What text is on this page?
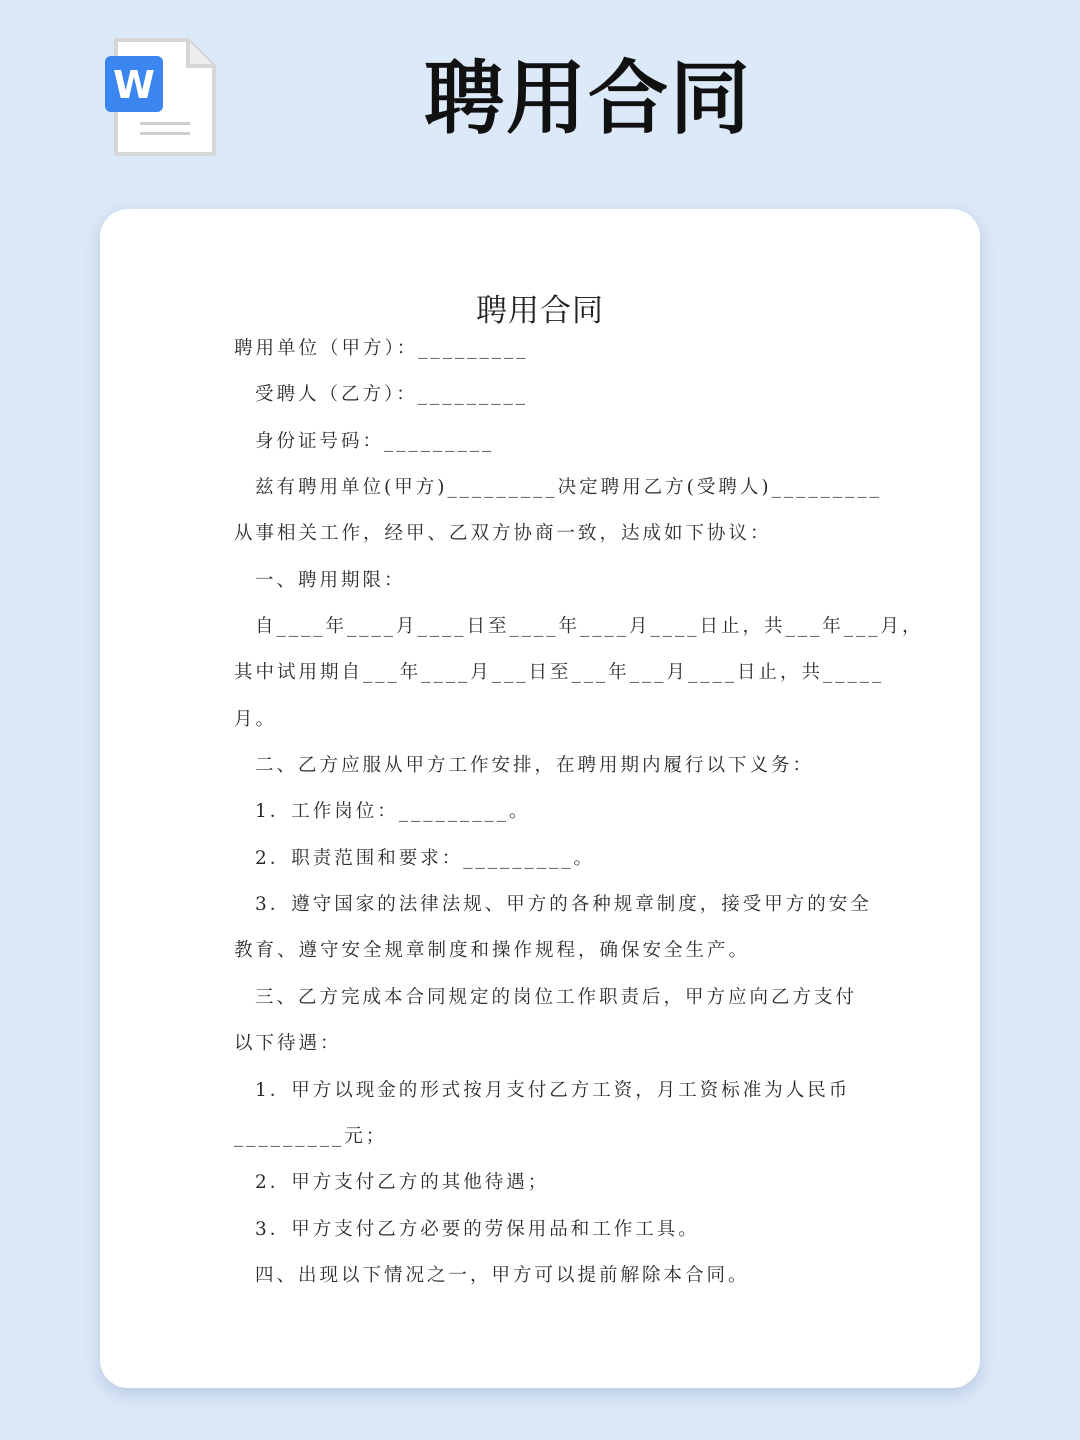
W	聘用合同
聘用合同
聘用单位（甲方）：_________
受聘人（乙方）：_________
身份证号码：_________
兹有聘用单位(甲方)_________决定聘用乙方(受聘人)_________
从事相关工作，经甲、乙双方协商一致，达成如下协议：
一、聘用期限：
自____年____月____日至____年____月____日止，共___年___月，
其中试用期自___年____月___日至___年___月____日止，共_____
月。
二、乙方应服从甲方工作安排，在聘用期内履行以下义务：
1．工作岗位：_________。
2．职责范围和要求：_________。
3．遵守国家的法律法规、甲方的各种规章制度，接受甲方的安全
教育、遵守安全规章制度和操作规程，确保安全生产。
三、乙方完成本合同规定的岗位工作职责后，甲方应向乙方支付
以下待遇：
1．甲方以现金的形式按月支付乙方工资，月工资标准为人民币
_________元；
2．甲方支付乙方的其他待遇；
3．甲方支付乙方必要的劳保用品和工作工具。
四、出现以下情况之一，甲方可以提前解除本合同。
